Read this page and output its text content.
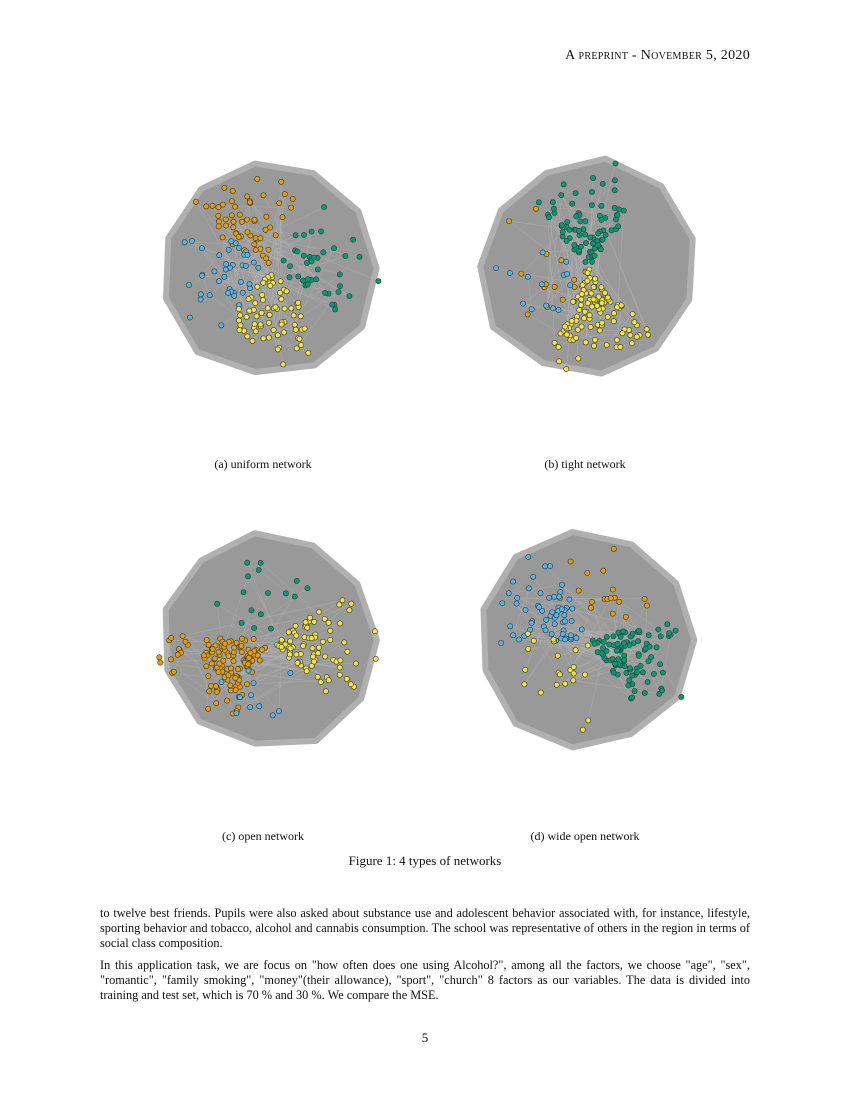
A preprint - November 5, 2020
(a) uniform network	(b) tight network
(c) open network	(d) wide open network
Figure 1: 4 types of networks

to twelve best friends. Pupils were also asked about substance use and adolescent behavior associated with, for instance, lifestyle, sporting behavior and tobacco, alcohol and cannabis consumption. The school was representative of others in the region in terms of social class composition.

In this application task, we are focus on "how often does one using Alcohol?", among all the factors, we choose "age", "sex", "romantic", "family smoking", "money"(their allowance), "sport", "church" 8 factors as our variables. The data is divided into training and test set, which is 70 % and 30 %. We compare the MSE.

5
